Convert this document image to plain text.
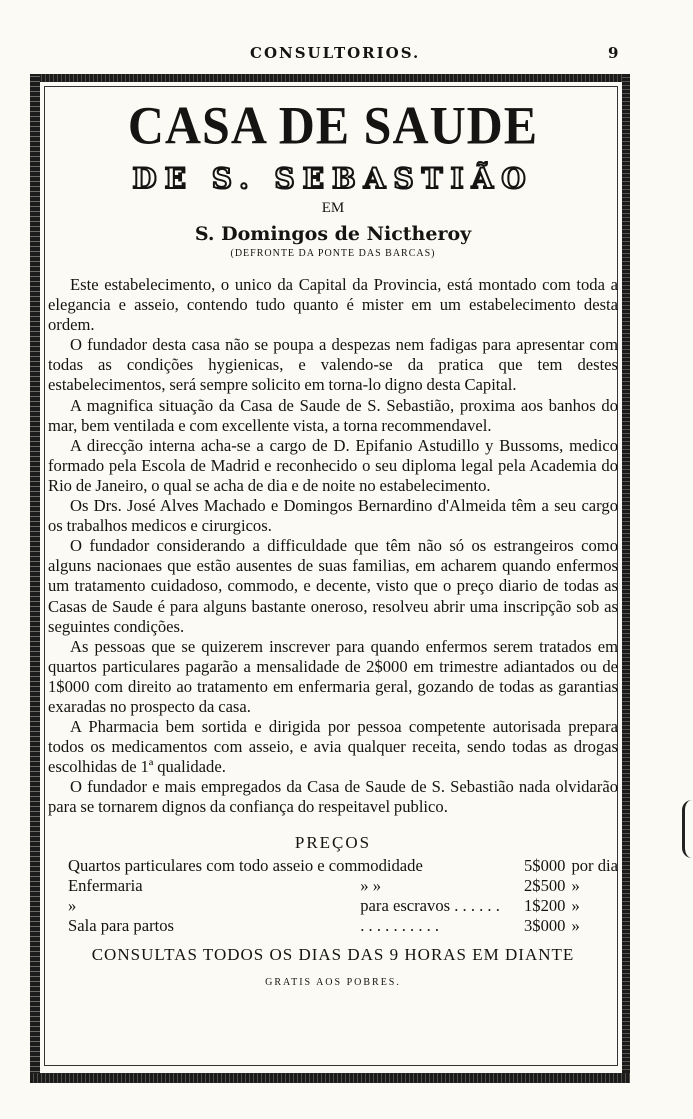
CONSULTORIOS.	9
CASA DE SAUDE
DE S. SEBASTIÃO
EM
S. Domingos de Nictheroy
(DEFRONTE DA PONTE DAS BARCAS)

Este estabelecimento, o unico da Capital da Provincia, está montado com toda a elegancia e asseio, contendo tudo quanto é mister em um estabelecimento desta ordem.

O fundador desta casa não se poupa a despezas nem fadigas para apresentar com todas as condições hygienicas, e valendo-se da pratica que tem destes estabelecimentos, será sempre solicito em torna-lo digno desta Capital.

A magnifica situação da Casa de Saude de S. Sebastião, proxima aos banhos do mar, bem ventilada e com excellente vista, a torna recommendavel.

A direcção interna acha-se a cargo de D. Epifanio Astudillo y Bussoms, medico formado pela Escola de Madrid e reconhecido o seu diploma legal pela Academia do Rio de Janeiro, o qual se acha de dia e de noite no estabelecimento.

Os Drs. José Alves Machado e Domingos Bernardino d'Almeida têm a seu cargo os trabalhos medicos e cirurgicos.

O fundador considerando a difficuldade que têm não só os estrangeiros como alguns nacionaes que estão ausentes de suas familias, em acharem quando enfermos um tratamento cuidadoso, commodo, e decente, visto que o preço diario de todas as Casas de Saude é para alguns bastante oneroso, resolveu abrir uma inscripção sob as seguintes condições.

As pessoas que se quizerem inscrever para quando enfermos serem tratados em quartos particulares pagarão a mensalidade de 2$000 em trimestre adiantados ou de 1$000 com direito ao tratamento em enfermaria geral, gozando de todas as garantias exaradas no prospecto da casa.

A Pharmacia bem sortida e dirigida por pessoa competente autorisada prepara todos os medicamentos com asseio, e avia qualquer receita, sendo todas as drogas escolhidas de 1ª qualidade.

O fundador e mais empregados da Casa de Saude de S. Sebastião nada olvidarão para se tornarem dignos da confiança do respeitavel publico.

PREÇOS
Quartos particulares com todo asseio e commodidade		5$000	por dia
Enfermaria	» »	2$500	»
»	para escravos . . . . . .	1$200	»
Sala para partos	. . . . . . . . . .	3$000	»
CONSULTAS TODOS OS DIAS DAS 9 HORAS EM DIANTE
GRATIS AOS POBRES.
